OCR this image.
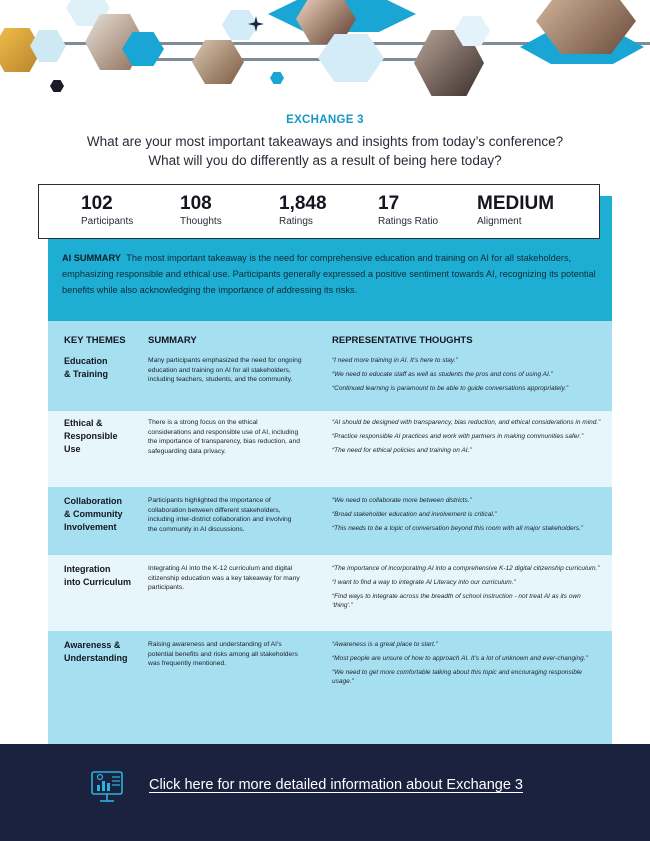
EXCHANGE 3

What are your most important takeaways and insights from today’s conference?

What will you do differently as a result of being here today?

102
Participants
108
Thoughts
1,848
Ratings
17
Ratings Ratio
MEDIUM
Alignment
AI SUMMARY The most important takeaway is the need for comprehensive education and training on AI for all stakeholders, emphasizing responsible and ethical use. Participants generally expressed a positive sentiment towards AI, recognizing its potential benefits while also acknowledging the importance of addressing its risks.
KEY THEMES	SUMMARY	REPRESENTATIVE THOUGHTS
Education
& Training
Many participants emphasized the need for ongoing education and training on AI for all stakeholders, including teachers, students, and the community.
“I need more training in AI. It’s here to stay.”
“We need to educate staff as well as students the pros and cons of using AI.”
“Continued learning is paramount to be able to guide conversations appropriately.”
Ethical &
Responsible
Use
There is a strong focus on the ethical considerations and responsible use of AI, including the importance of transparency, bias reduction, and safeguarding data privacy.
“AI should be designed with transparency, bias reduction, and ethical considerations in mind.”
“Practice responsible AI practices and work with partners in making communities safer.”
“The need for ethical policies and training on AI.”
Collaboration
& Community
Involvement
Participants highlighted the importance of collaboration between different stakeholders, including inter-district collaboration and involving the community in AI discussions.
“We need to collaborate more between districts.”
“Broad stakeholder education and involvement is critical.”
“This needs to be a topic of conversation beyond this room with all major stakeholders.”
Integration
into Curriculum
Integrating AI into the K-12 curriculum and digital citizenship education was a key takeaway for many participants.
“The importance of incorporating AI into a comprehensive K-12 digital citizenship curriculum.”
“I want to find a way to integrate AI Literacy into our curriculum.”
“Find ways to integrate across the breadth of school instruction - not treat AI as its own ‘thing’.”
Awareness &
Understanding
Raising awareness and understanding of AI’s potential benefits and risks among all stakeholders was frequently mentioned.
“Awareness is a great place to start.”
“Most people are unsure of how to approach AI. It’s a lot of unknown and ever-changing.”
“We need to get more comfortable talking about this topic and encouraging responsible usage.”
Click here for more detailed information about Exchange 3
